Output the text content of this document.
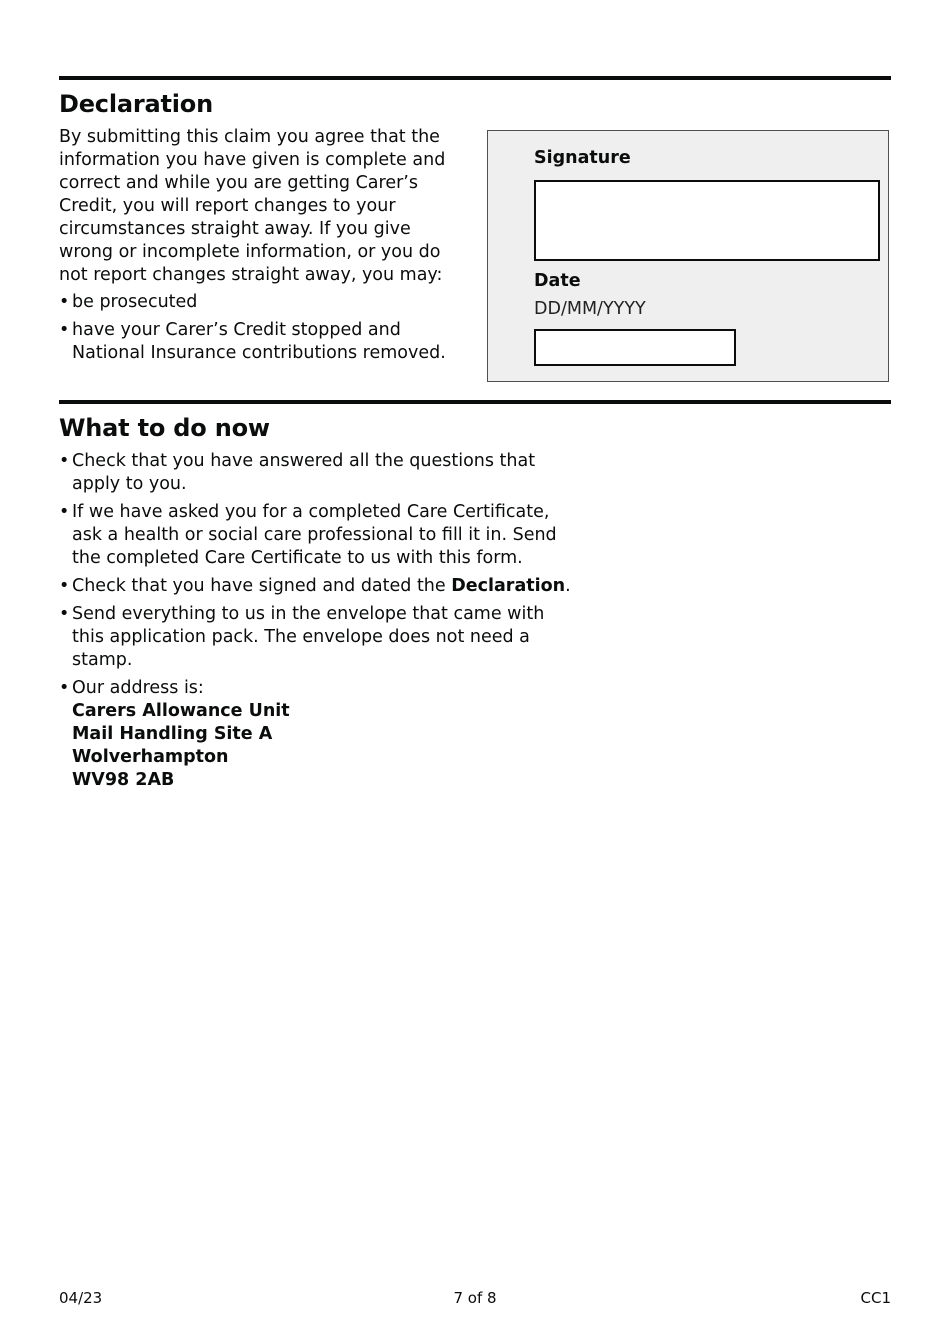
Declaration

By submitting this claim you agree that the information you have given is complete and correct and while you are getting Carer’s Credit, you will report changes to your circumstances straight away. If you give wrong or incomplete information, or you do not report changes straight away, you may:

• be prosecuted
• have your Carer’s Credit stopped and National Insurance contributions removed.
Signature
Date
DD/MM/YYYY
What to do now
• Check that you have answered all the questions that apply to you.
• If we have asked you for a completed Care Certificate, ask a health or social care professional to fill it in. Send the completed Care Certificate to us with this form.
• Check that you have signed and dated the Declaration.
• Send everything to us in the envelope that came with this application pack. The envelope does not need a stamp.
• Our address is:
Carers Allowance Unit
Mail Handling Site A
Wolverhampton
WV98 2AB
04/23	7 of 8	CC1
